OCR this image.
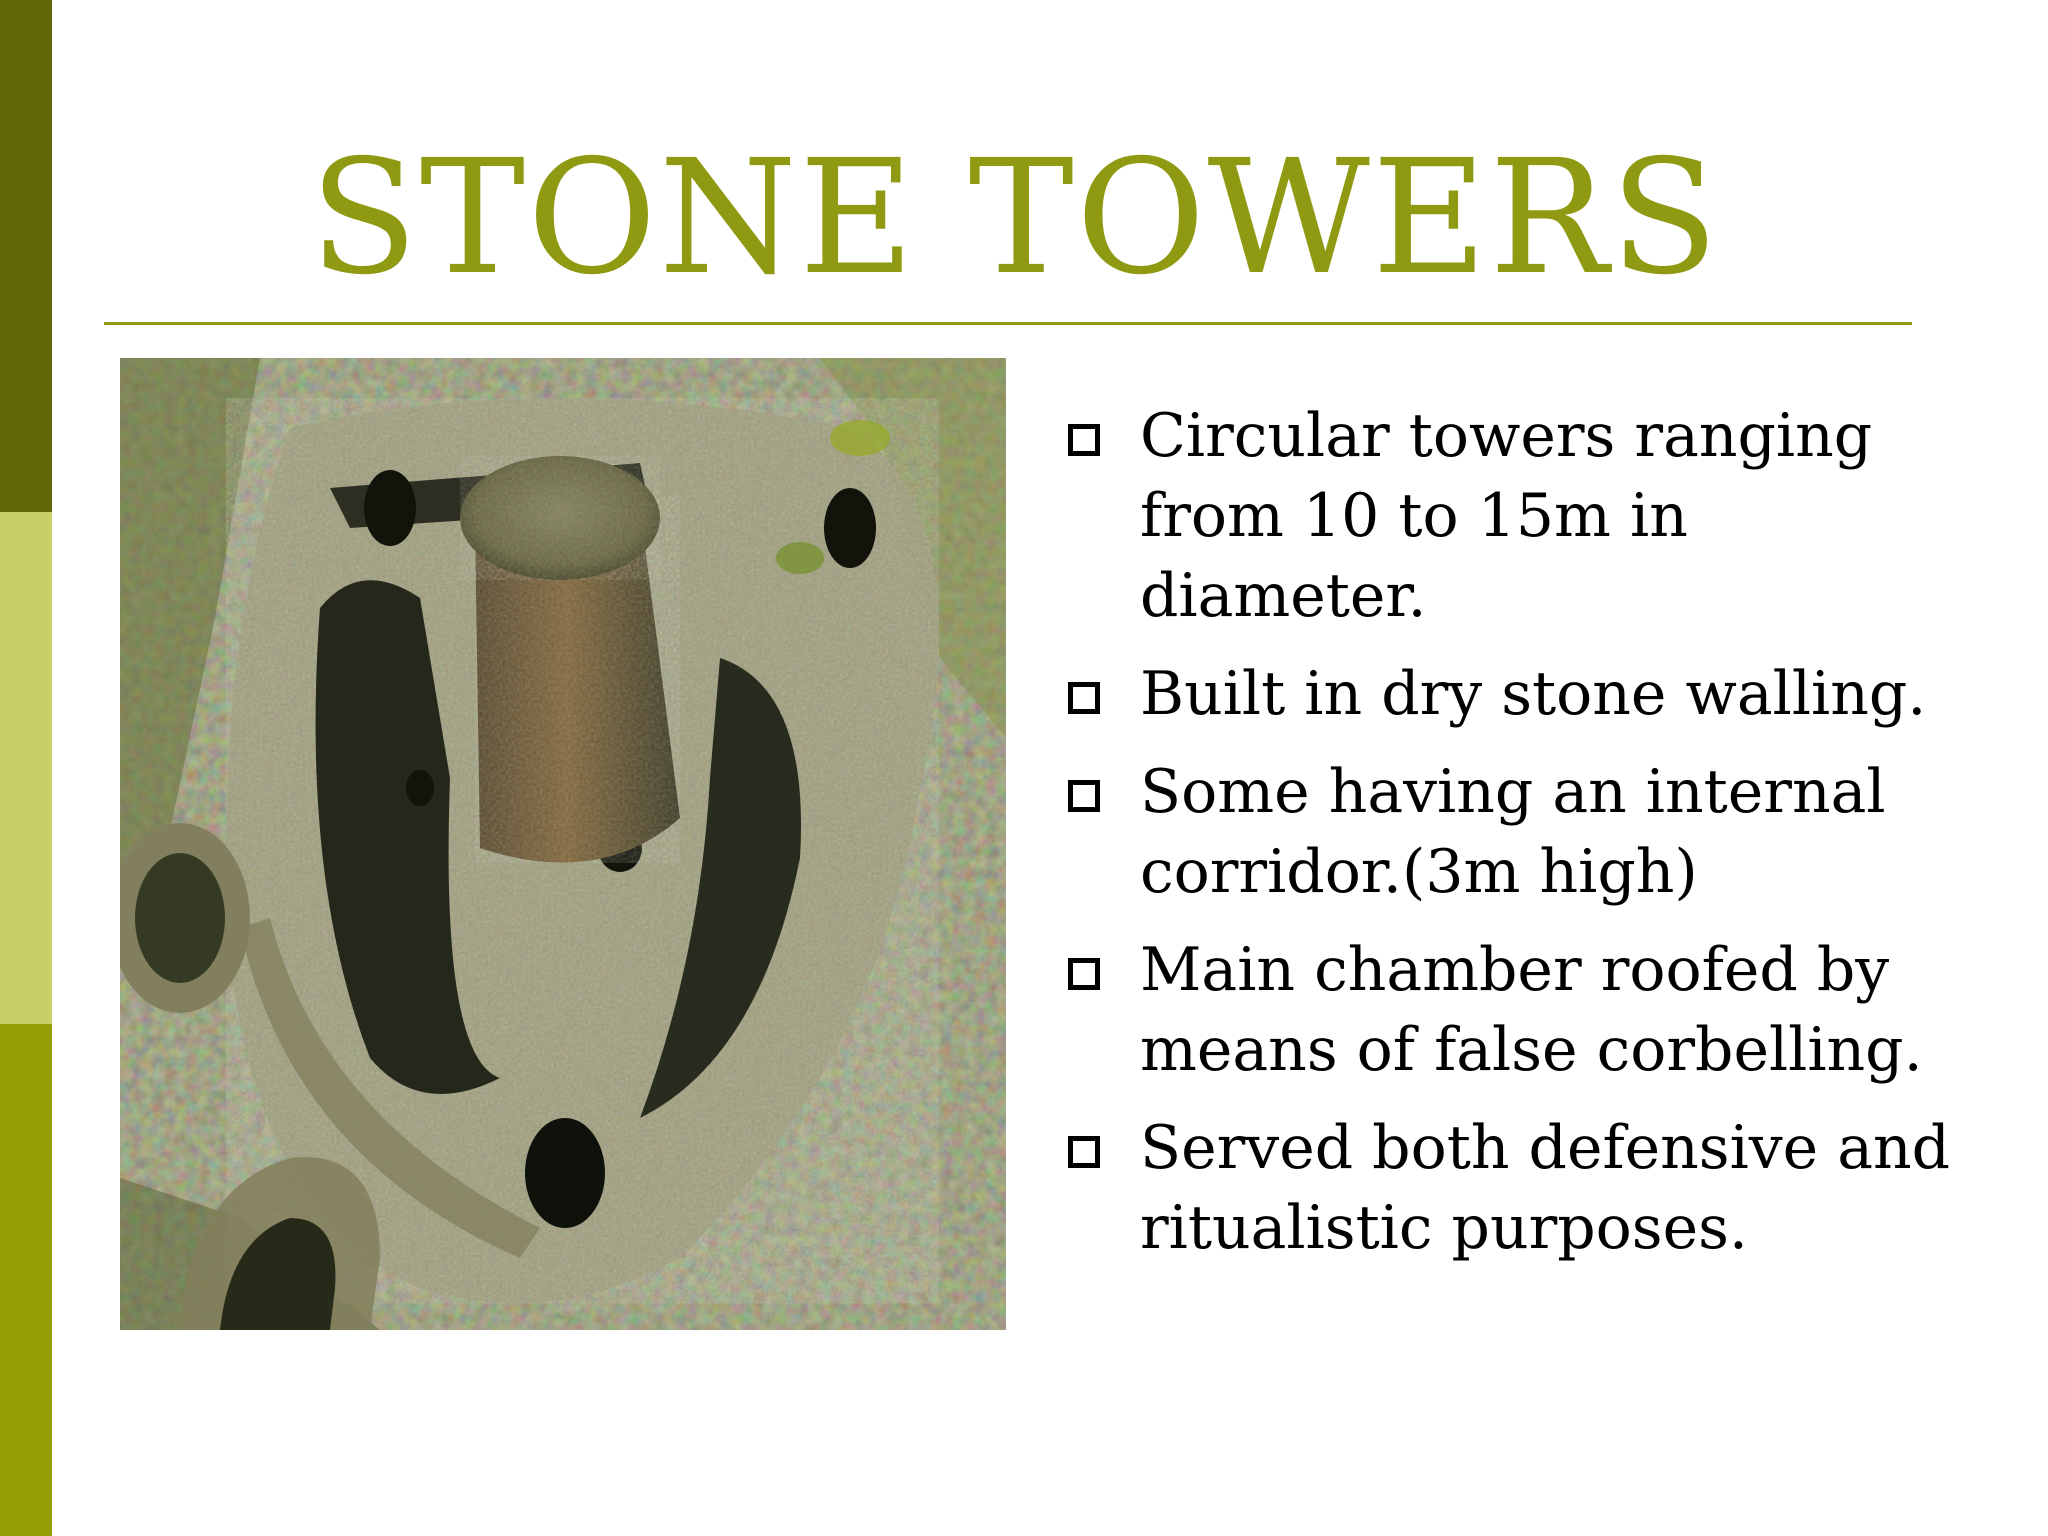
STONE TOWERS
Circular towers ranging from 10 to 15m in diameter.
Built in dry stone walling.
Some having an internal corridor.(3m high)
Main chamber roofed by means of false corbelling.
Served both defensive and ritualistic purposes.
